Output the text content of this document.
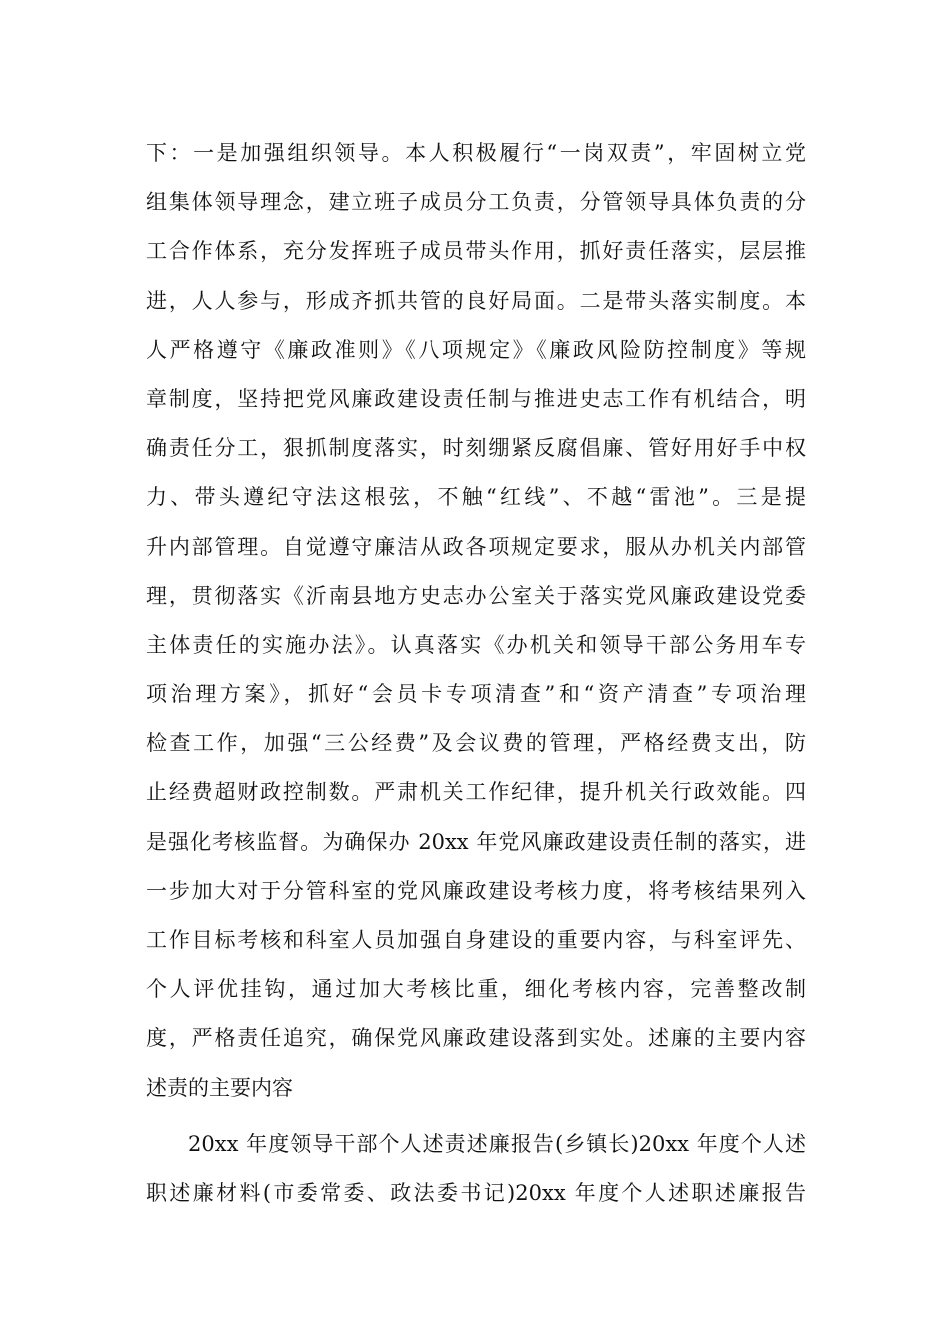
下：一是加强组织领导。本人积极履行“一岗双责”，牢固树立党
组集体领导理念，建立班子成员分工负责，分管领导具体负责的分
工合作体系，充分发挥班子成员带头作用，抓好责任落实，层层推
进，人人参与，形成齐抓共管的良好局面。二是带头落实制度。本
人严格遵守《廉政准则》《八项规定》《廉政风险防控制度》等规
章制度，坚持把党风廉政建设责任制与推进史志工作有机结合，明
确责任分工，狠抓制度落实，时刻绷紧反腐倡廉、管好用好手中权
力、带头遵纪守法这根弦，不触“红线”、不越“雷池”。三是提
升内部管理。自觉遵守廉洁从政各项规定要求，服从办机关内部管
理，贯彻落实《沂南县地方史志办公室关于落实党风廉政建设党委
主体责任的实施办法》。认真落实《办机关和领导干部公务用车专
项治理方案》，抓好“会员卡专项清查”和“资产清查”专项治理
检查工作，加强“三公经费”及会议费的管理，严格经费支出，防
止经费超财政控制数。严肃机关工作纪律，提升机关行政效能。四
是强化考核监督。为确保办 20xx 年党风廉政建设责任制的落实，进
一步加大对于分管科室的党风廉政建设考核力度，将考核结果列入
工作目标考核和科室人员加强自身建设的重要内容，与科室评先、
个人评优挂钩，通过加大考核比重，细化考核内容，完善整改制
度，严格责任追究，确保党风廉政建设落到实处。述廉的主要内容
述责的主要内容
20xx 年度领导干部个人述责述廉报告(乡镇长)20xx 年度个人述
职述廉材料(市委常委、政法委书记)20xx 年度个人述职述廉报告
